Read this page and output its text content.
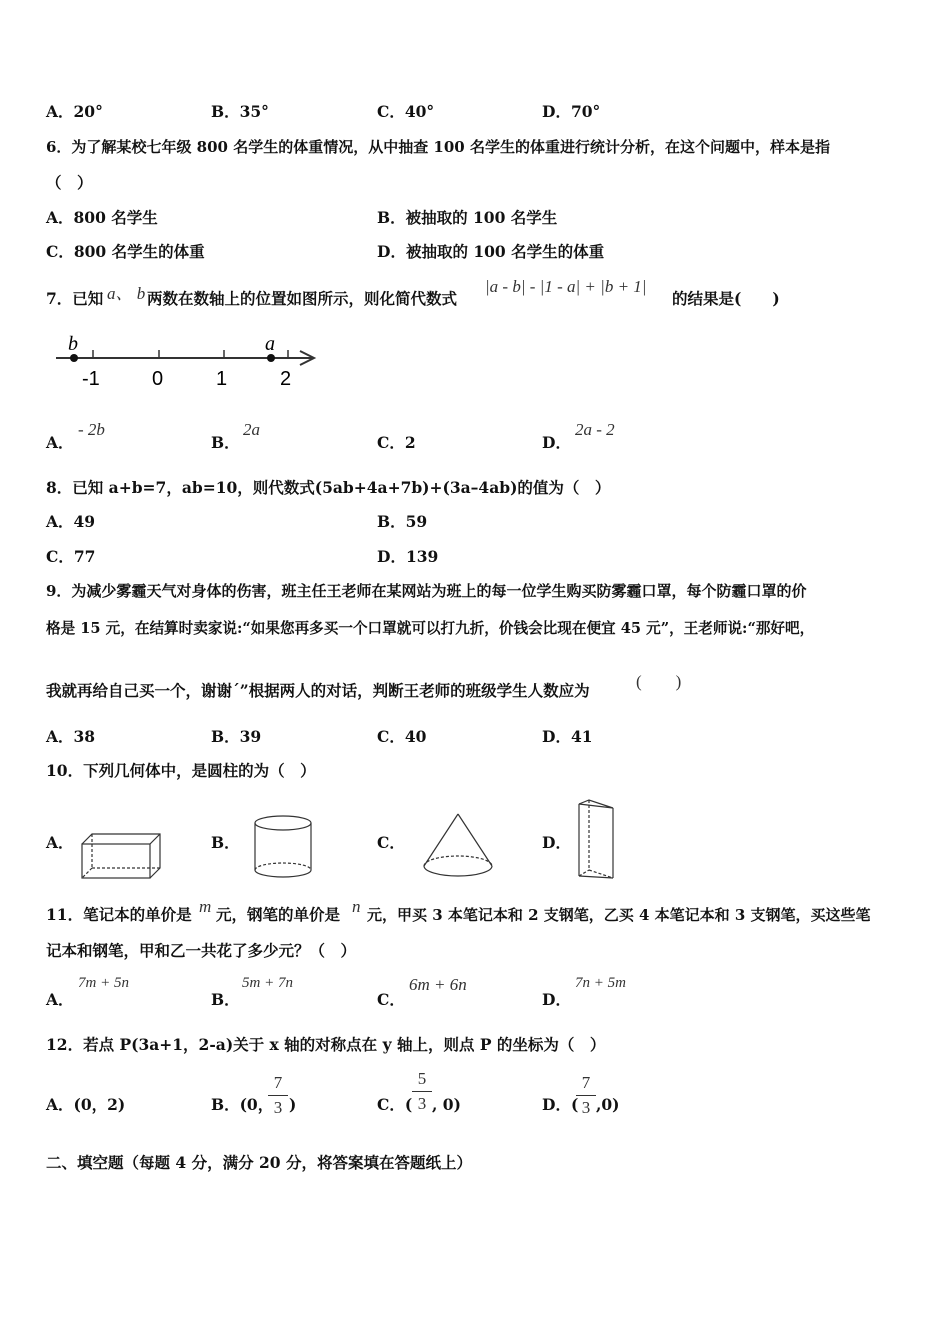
A．20°	B．35°	C．40°	D．70°
6．为了解某校七年级 800 名学生的体重情况，从中抽查 100 名学生的体重进行统计分析，在这个问题中，样本是指
（　）
A．800 名学生	B．被抽取的 100 名学生
C．800 名学生的体重	D．被抽取的 100 名学生的体重
7．已知 a、 b 两数在数轴上的位置如图所示，则化简代数式
|a - b| - |1 - a| + |b + 1|
的结果是(　　)
b	a
-1	0	1	2
A．
- 2b
B．
2a
C．2	D．
2a - 2
8．已知 a+b=7，ab=10，则代数式(5ab+4a+7b)+(3a–4ab)的值为（　）
A．49	B．59
C．77	D．139
9．为减少雾霾天气对身体的伤害，班主任王老师在某网站为班上的每一位学生购买防雾霾口罩，每个防霾口罩的价
格是 15 元，在结算时卖家说:“如果您再多买一个口罩就可以打九折，价钱会比现在便宜 45 元”，王老师说:“那好吧，
我就再给自己买一个，谢谢ˊ”根据两人的对话，判断王老师的班级学生人数应为	(　　)
A．38	B．39	C．40	D．41
10．下列几何体中，是圆柱的为（　）
A．	B．	C．	D．
11．笔记本的单价是 m 元，钢笔的单价是 n 元，甲买 3 本笔记本和 2 支钢笔，乙买 4 本笔记本和 3 支钢笔，买这些笔
记本和钢笔，甲和乙一共花了多少元？（　）
A．
7m + 5n
B．
5m + 7n
C．
6m + 6n
D．
7n + 5m
12．若点 P(3a+1，2-a)关于 x 轴的对称点在 y 轴上，则点 P 的坐标为（　）
A．(0，2)	B．(0，
7
3 )	C．(
5
3 , 0)	D．(
7
3 ,0)
二、填空题（每题 4 分，满分 20 分，将答案填在答题纸上）
